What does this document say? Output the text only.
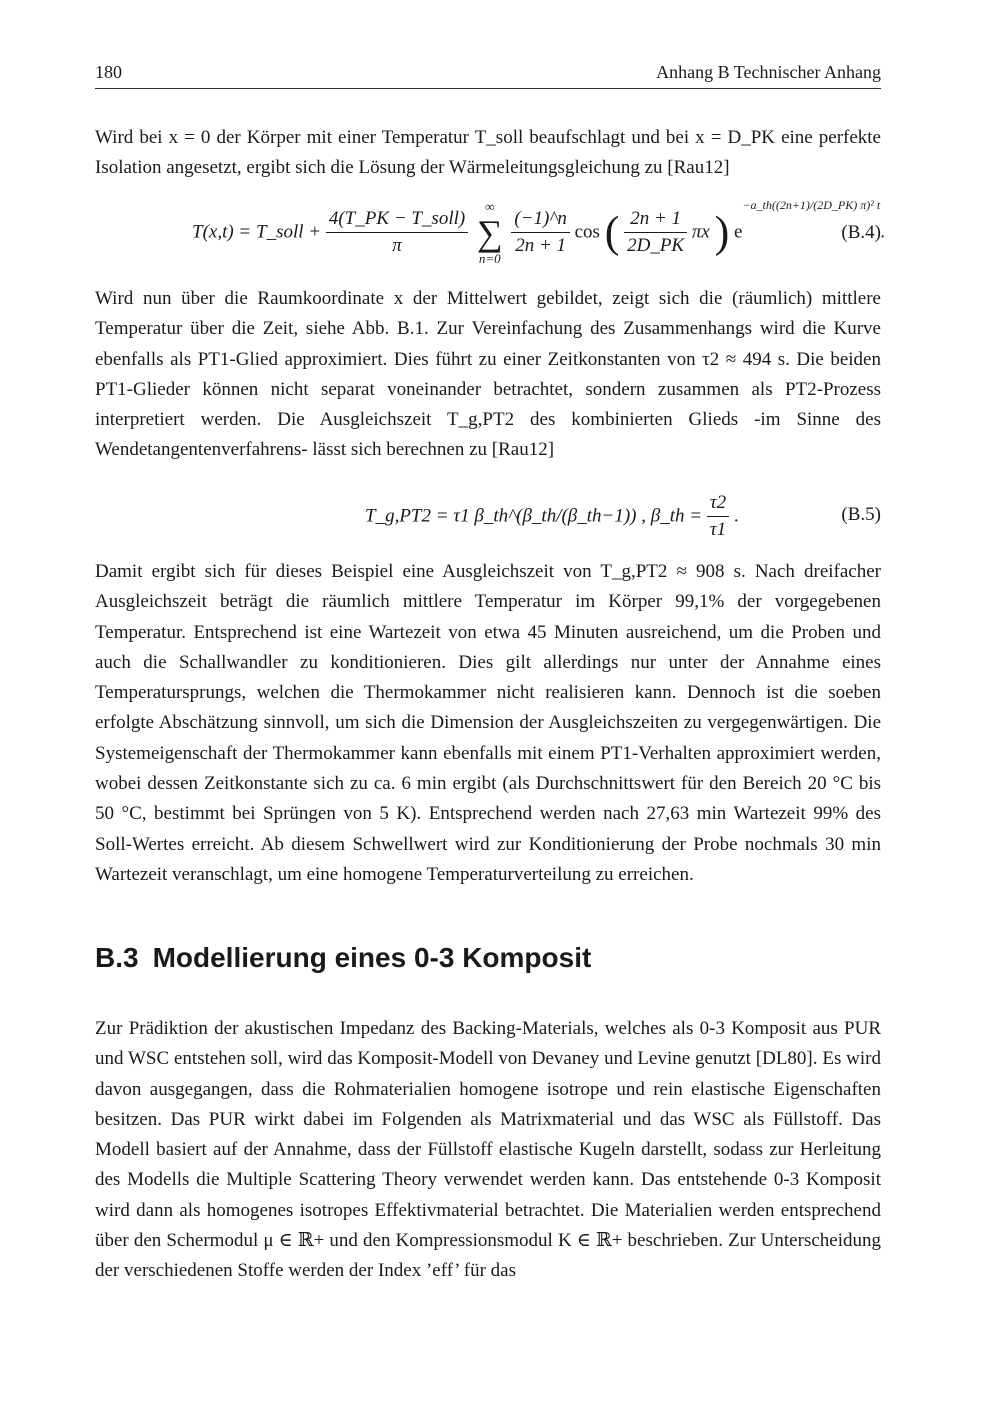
180	Anhang B Technischer Anhang

Wird bei x = 0 der Körper mit einer Temperatur T_soll beaufschlagt und bei x = D_PK eine perfekte Isolation angesetzt, ergibt sich die Lösung der Wärmeleitungsgleichung zu [Rau12]

T(x,t) = T_soll + $\frac{\text{4(T\_PK − T\_soll)}}{\pi}$

∞
∑
n=0

$\frac{(-1)\^{}n}{2n + 1}$ cos ( $\frac{2n + 1}{2D\_PK}$ πx ) $e^{-a\_th((2n+1)/(2D\_PK) \pi)^2 t}$.
(B.4)

Wird nun über die Raumkoordinate x der Mittelwert gebildet, zeigt sich die (räumlich) mittlere Temperatur über die Zeit, siehe Abb. B.1. Zur Vereinfachung des Zusammenhangs wird die Kurve ebenfalls als PT1-Glied approximiert. Dies führt zu einer Zeitkonstanten von τ2 ≈ 494 s. Die beiden PT1-Glieder können nicht separat voneinander betrachtet, sondern zusammen als PT2-Prozess interpretiert werden. Die Ausgleichszeit T_g,PT2 des kombinierten Glieds -im Sinne des Wendetangentenverfahrens- lässt sich berechnen zu [Rau12]

T_g,PT2 = τ1 β_th^(β_th/(β_th−1)) , β_th = $\frac{\tau 2}{\tau 1}$ .	(B.5)

Damit ergibt sich für dieses Beispiel eine Ausgleichszeit von T_g,PT2 ≈ 908 s. Nach dreifacher Ausgleichszeit beträgt die räumlich mittlere Temperatur im Körper 99,1% der vorgegebenen Temperatur. Entsprechend ist eine Wartezeit von etwa 45 Minuten ausreichend, um die Proben und auch die Schallwandler zu konditionieren. Dies gilt allerdings nur unter der Annahme eines Temperatursprungs, welchen die Thermokammer nicht realisieren kann. Dennoch ist die soeben erfolgte Abschätzung sinnvoll, um sich die Dimension der Ausgleichszeiten zu vergegenwärtigen. Die Systemeigenschaft der Thermokammer kann ebenfalls mit einem PT1-Verhalten approximiert werden, wobei dessen Zeitkonstante sich zu ca. 6 min ergibt (als Durchschnittswert für den Bereich 20 °C bis 50 °C, bestimmt bei Sprüngen von 5 K). Entsprechend werden nach 27,63 min Wartezeit 99% des Soll-Wertes erreicht. Ab diesem Schwellwert wird zur Konditionierung der Probe nochmals 30 min Wartezeit veranschlagt, um eine homogene Temperaturverteilung zu erreichen.

B.3 Modellierung eines 0-3 Komposit

Zur Prädiktion der akustischen Impedanz des Backing-Materials, welches als 0-3 Komposit aus PUR und WSC entstehen soll, wird das Komposit-Modell von Devaney und Levine genutzt [DL80]. Es wird davon ausgegangen, dass die Rohmaterialien homogene isotrope und rein elastische Eigenschaften besitzen. Das PUR wirkt dabei im Folgenden als Matrixmaterial und das WSC als Füllstoff. Das Modell basiert auf der Annahme, dass der Füllstoff elastische Kugeln darstellt, sodass zur Herleitung des Modells die Multiple Scattering Theory verwendet werden kann. Das entstehende 0-3 Komposit wird dann als homogenes isotropes Effektivmaterial betrachtet. Die Materialien werden entsprechend über den Schermodul μ ∈ ℝ+ und den Kompressionsmodul K ∈ ℝ+ beschrieben. Zur Unterscheidung der verschiedenen Stoffe werden der Index ’eff’ für das
